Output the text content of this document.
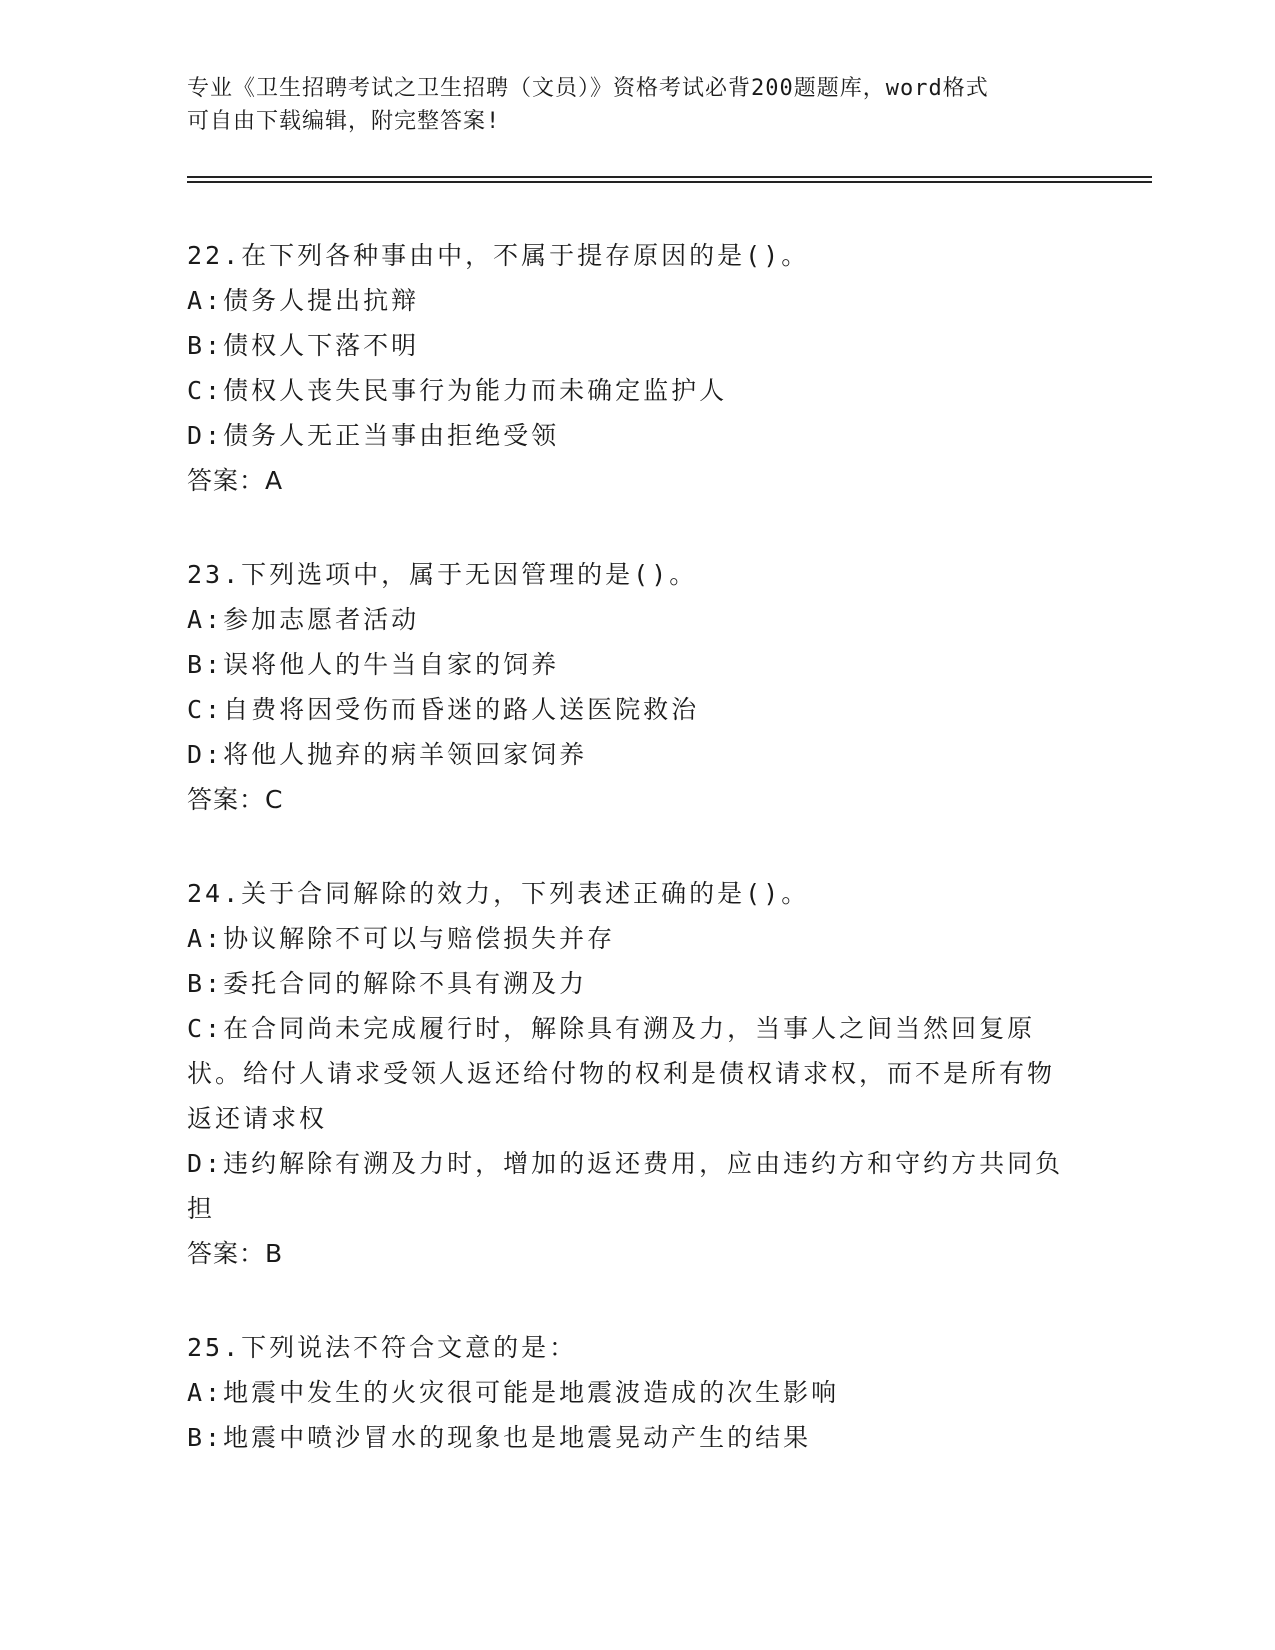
专业《卫生招聘考试之卫生招聘（文员）》资格考试必背200题题库，word格式
可自由下载编辑，附完整答案!
22.在下列各种事由中，不属于提存原因的是()。
A:债务人提出抗辩
B:债权人下落不明
C:债权人丧失民事行为能力而未确定监护人
D:债务人无正当事由拒绝受领
答案：A
23.下列选项中，属于无因管理的是()。
A:参加志愿者活动
B:误将他人的牛当自家的饲养
C:自费将因受伤而昏迷的路人送医院救治
D:将他人抛弃的病羊领回家饲养
答案：C
24.关于合同解除的效力，下列表述正确的是()。
A:协议解除不可以与赔偿损失并存
B:委托合同的解除不具有溯及力
C:在合同尚未完成履行时，解除具有溯及力，当事人之间当然回复原状。给付人请求受领人返还给付物的权利是债权请求权，而不是所有物返还请求权
D:违约解除有溯及力时，增加的返还费用，应由违约方和守约方共同负担
答案：B
25.下列说法不符合文意的是：
A:地震中发生的火灾很可能是地震波造成的次生影响
B:地震中喷沙冒水的现象也是地震晃动产生的结果
